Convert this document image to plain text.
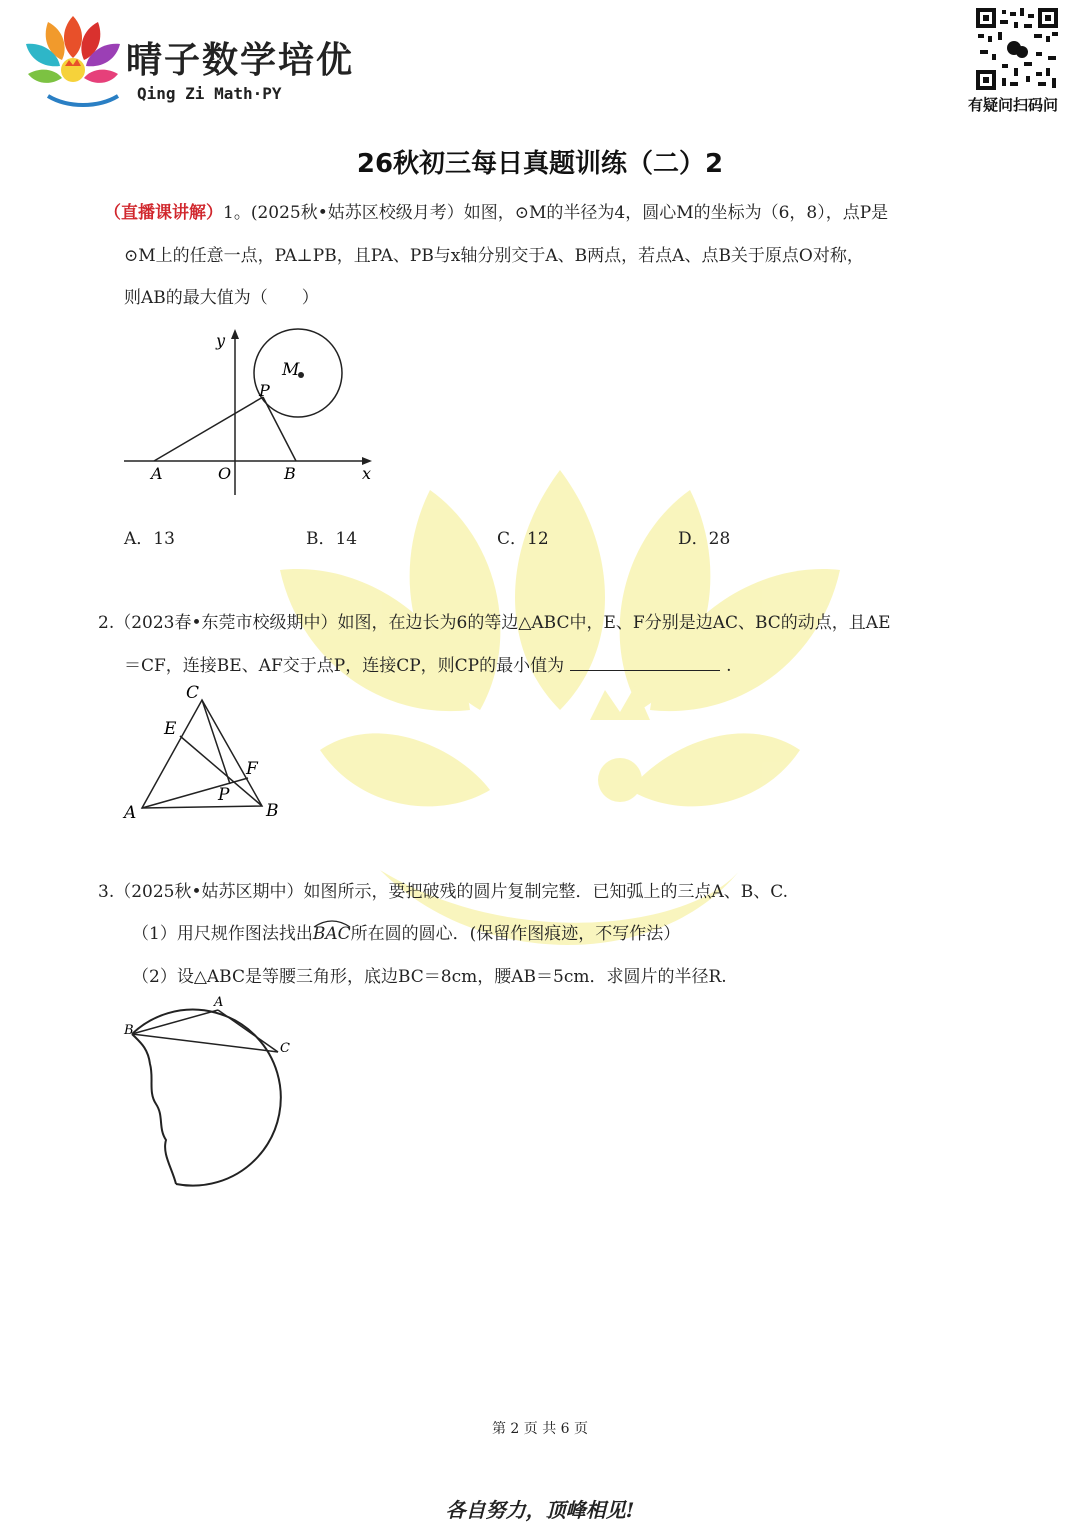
晴子数学培优
Qing Zi Math·PY
有疑问扫码问
26秋初三每日真题训练（二）2
（直播课讲解）1。(2025秋•姑苏区校级月考）如图，⊙M的半径为4，圆心M的坐标为（6，8），点P是
⊙M上的任意一点，PA⊥PB，且PA、PB与x轴分别交于A、B两点，若点A、点B关于原点O对称，
则AB的最大值为（　　）
y
x
M
P
A	O	B
A．13	B．14	C．12	D．28
2.（2023春•东莞市校级期中）如图，在边长为6的等边△ABC中，E、F分别是边AC、BC的动点，且AE
＝CF，连接BE、AF交于点P，连接CP，则CP的最小值为	.
C
E
F
P
A	B
3.（2025秋•姑苏区期中）如图所示，要把破残的圆片复制完整．已知弧上的三点A、B、C.
（1）用尺规作图法找出
BAC所在圆的圆心．(保留作图痕迹，不写作法）
（2）设△ABC是等腰三角形，底边BC＝8cm，腰AB＝5cm．求圆片的半径R.
A
B
C
第 2 页 共 6 页
各自努力，顶峰相见!
